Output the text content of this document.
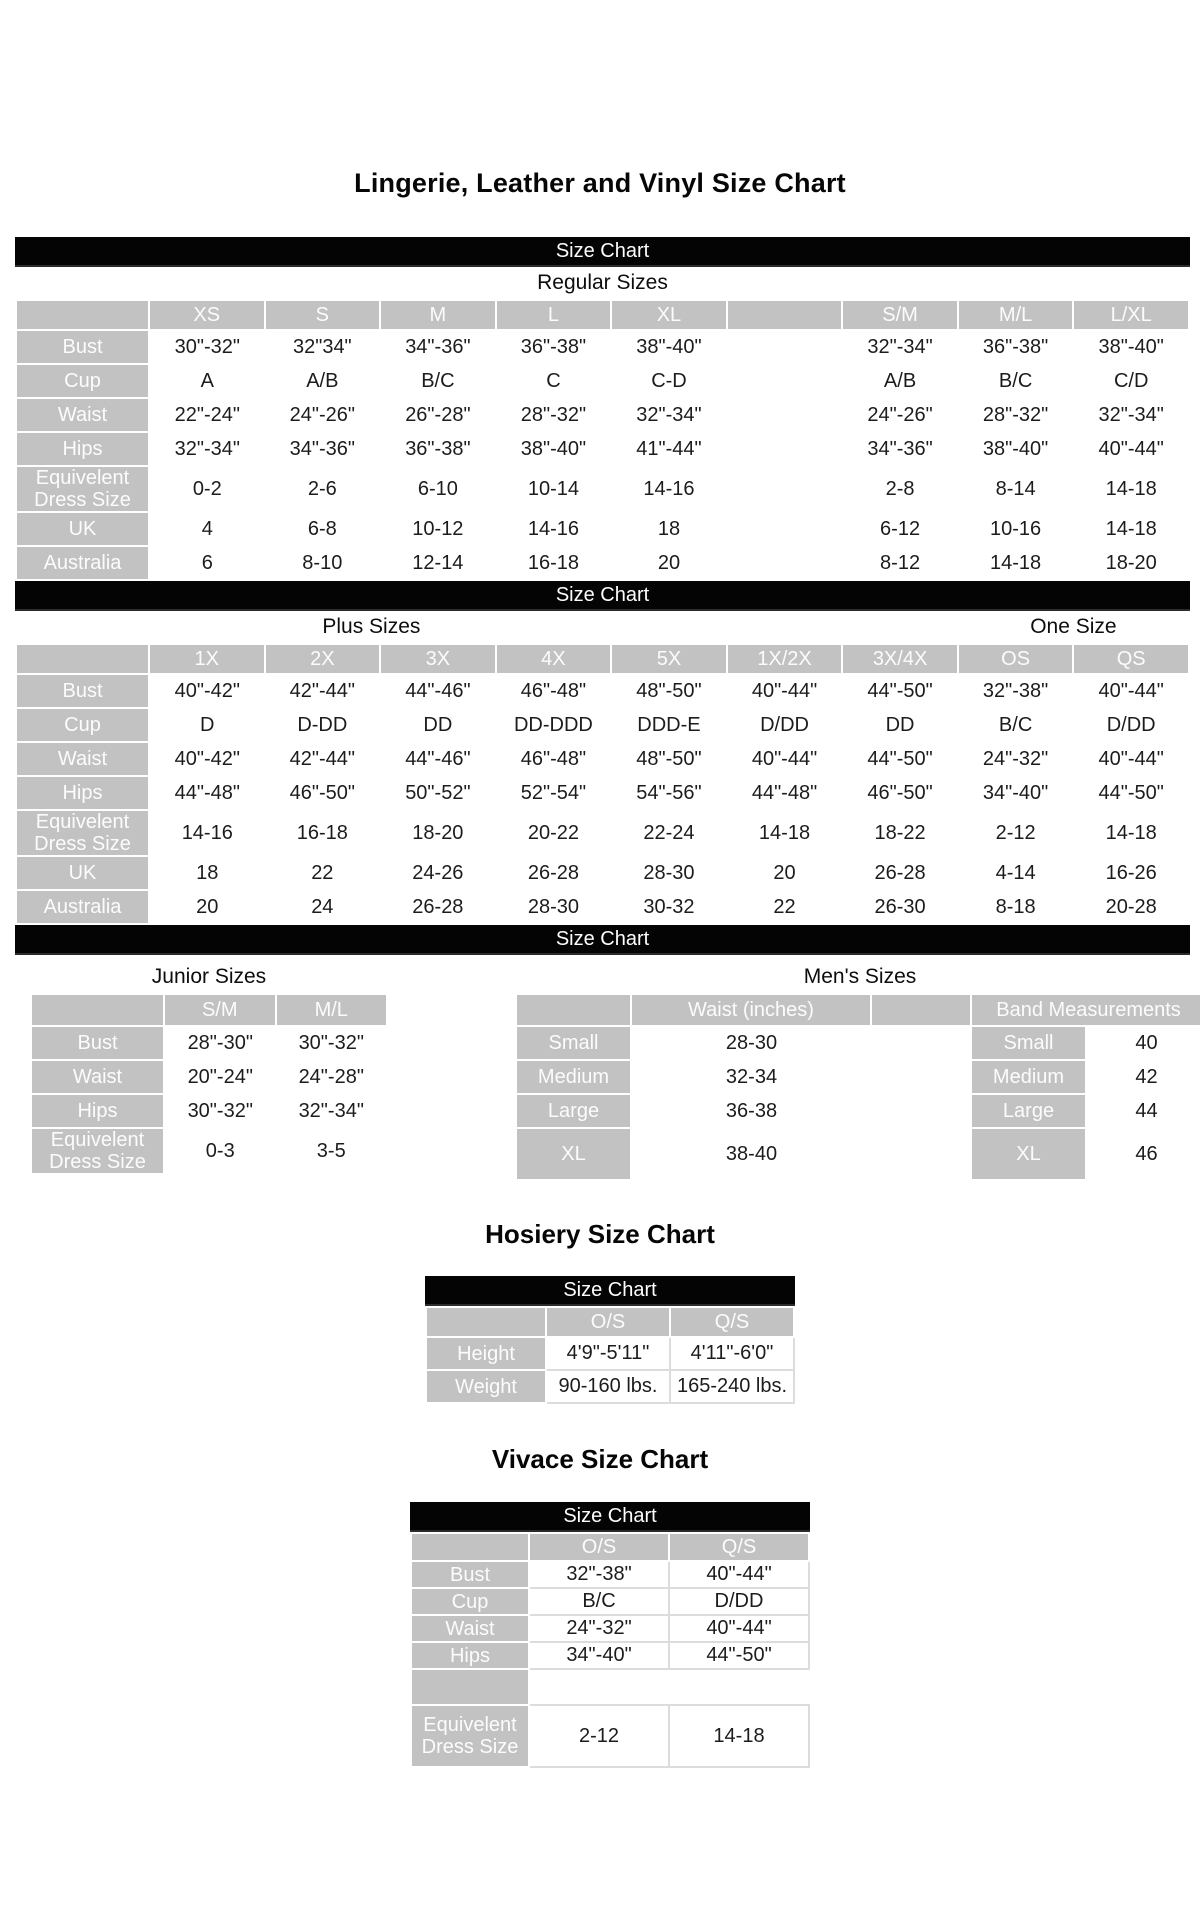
Lingerie, Leather and Vinyl Size Chart
Size Chart
Regular Sizes									
	XS	S	M	L	XL		S/M	M/L	L/XL
Bust	30"-32"	32"34"	34"-36"	36"-38"	38"-40"		32"-34"	36"-38"	38"-40"
Cup	A	A/B	B/C	C	C-D		A/B	B/C	C/D
Waist	22"-24"	24"-26"	26"-28"	28"-32"	32"-34"		24"-26"	28"-32"	32"-34"
Hips	32"-34"	34"-36"	36"-38"	38"-40"	41"-44"		34"-36"	38"-40"	40"-44"
Equivelent Dress Size	0-2	2-6	6-10	10-14	14-16		2-8	8-14	14-18
UK	4	6-8	10-12	14-16	18		6-12	10-16	14-18
Australia	6	8-10	12-14	16-18	20		8-12	14-18	18-20
Size Chart
Plus Sizes								One Size	
	1X	2X	3X	4X	5X	1X/2X	3X/4X	OS	QS
Bust	40"-42"	42"-44"	44"-46"	46"-48"	48"-50"	40"-44"	44"-50"	32"-38"	40"-44"
Cup	D	D-DD	DD	DD-DDD	DDD-E	D/DD	DD	B/C	D/DD
Waist	40"-42"	42"-44"	44"-46"	46"-48"	48"-50"	40"-44"	44"-50"	24"-32"	40"-44"
Hips	44"-48"	46"-50"	50"-52"	52"-54"	54"-56"	44"-48"	46"-50"	34"-40"	44"-50"
Equivelent Dress Size	14-16	16-18	18-20	20-22	22-24	14-18	18-22	2-12	14-18
UK	18	22	24-26	26-28	28-30	20	26-28	4-14	16-26
Australia	20	24	26-28	28-30	30-32	22	26-30	8-18	20-28
Size Chart
Junior Sizes
	S/M	M/L
Bust	28"-30"	30"-32"
Waist	20"-24"	24"-28"
Hips	30"-32"	32"-34"
Equivelent Dress Size	0-3	3-5
Men's Sizes
	Waist (inches)		Band Measurements	
Small	28-30		Small	40
Medium	32-34		Medium	42
Large	36-38		Large	44
XL	38-40		XL	46
Hosiery Size Chart
Size Chart
	O/S	Q/S
Height	4'9"-5'11"	4'11"-6'0"
Weight	90-160 lbs.	165-240 lbs.
Vivace Size Chart
Size Chart
	O/S	Q/S
Bust	32"-38"	40"-44"
Cup	B/C	D/DD
Waist	24"-32"	40"-44"
Hips	34"-40"	44"-50"

Equivelent Dress Size	2-12	14-18
